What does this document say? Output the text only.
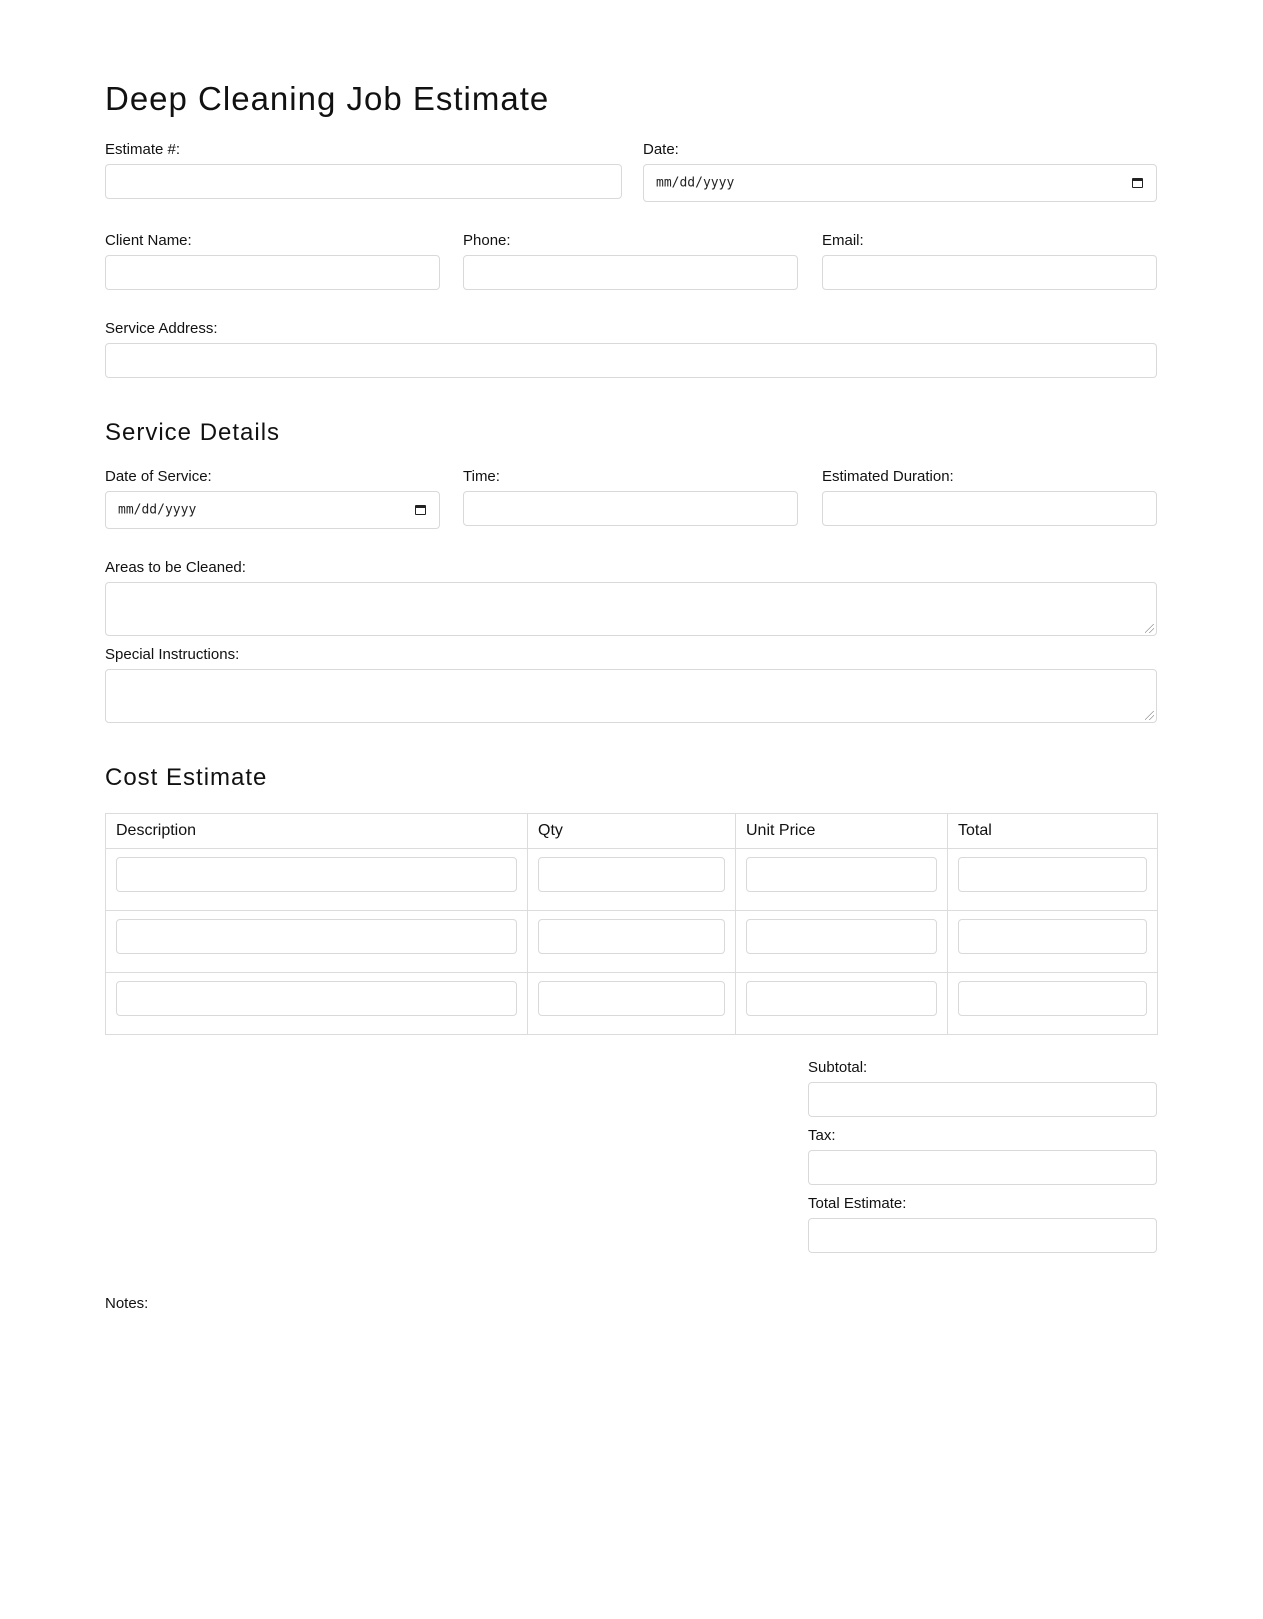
Deep Cleaning Job Estimate
Estimate #:	Date:
mm/dd/yyyy
Client Name:	Phone:	Email:
Service Address:
Service Details
Date of Service:
mm/dd/yyyy
Time:	Estimated Duration:
Areas to be Cleaned:
Special Instructions:
Cost Estimate
Description	Qty	Unit Price	Total

Subtotal:
Tax:
Total Estimate:
Notes:
